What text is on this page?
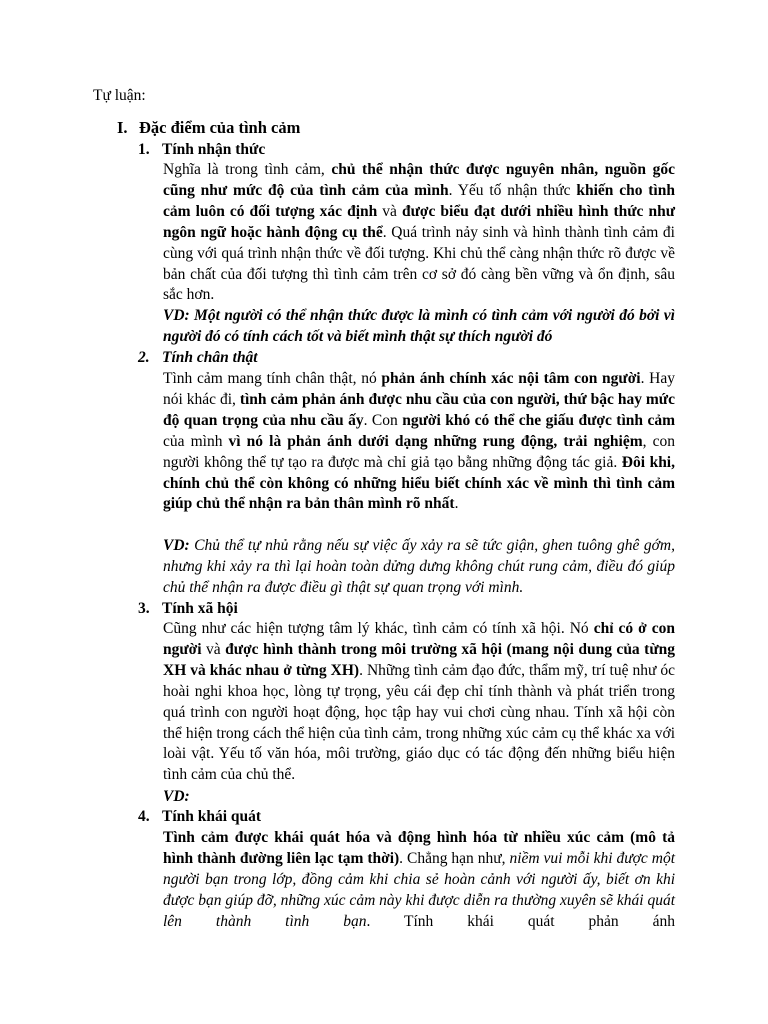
Tự luận:
I. Đặc điểm của tình cảm
1. Tính nhận thức

Nghĩa là trong tình cảm, chủ thể nhận thức được nguyên nhân, nguồn gốc cũng như mức độ của tình cảm của mình. Yếu tố nhận thức khiến cho tình cảm luôn có đối tượng xác định và được biểu đạt dưới nhiều hình thức như ngôn ngữ hoặc hành động cụ thể. Quá trình nảy sinh và hình thành tình cảm đi cùng với quá trình nhận thức về đối tượng. Khi chủ thể càng nhận thức rõ được về bản chất của đối tượng thì tình cảm trên cơ sở đó càng bền vững và ổn định, sâu sắc hơn.

VD: Một người có thể nhận thức được là mình có tình cảm với người đó bởi vì người đó có tính cách tốt và biết mình thật sự thích người đó

2. Tính chân thật

Tình cảm mang tính chân thật, nó phản ánh chính xác nội tâm con người. Hay nói khác đi, tình cảm phản ánh được nhu cầu của con người, thứ bậc hay mức độ quan trọng của nhu cầu ấy. Con người khó có thể che giấu được tình cảm của mình vì nó là phản ánh dưới dạng những rung động, trải nghiệm, con người không thể tự tạo ra được mà chỉ giả tạo bằng những động tác giả. Đôi khi, chính chủ thể còn không có những hiểu biết chính xác về mình thì tình cảm giúp chủ thể nhận ra bản thân mình rõ nhất.

VD: Chủ thể tự nhủ rằng nếu sự việc ấy xảy ra sẽ tức giận, ghen tuông ghê gớm, nhưng khi xảy ra thì lại hoàn toàn dửng dưng không chút rung cảm, điều đó giúp chủ thể nhận ra được điều gì thật sự quan trọng với mình.

3. Tính xã hội

Cũng như các hiện tượng tâm lý khác, tình cảm có tính xã hội. Nó chỉ có ở con người và được hình thành trong môi trường xã hội (mang nội dung của từng XH và khác nhau ở từng XH). Những tình cảm đạo đức, thẩm mỹ, trí tuệ như óc hoài nghi khoa học, lòng tự trọng, yêu cái đẹp chỉ tính thành và phát triển trong quá trình con người hoạt động, học tập hay vui chơi cùng nhau. Tính xã hội còn thể hiện trong cách thể hiện của tình cảm, trong những xúc cảm cụ thể khác xa với loài vật. Yếu tố văn hóa, môi trường, giáo dục có tác động đến những biểu hiện tình cảm của chủ thể.

VD:

4. Tính khái quát

Tình cảm được khái quát hóa và động hình hóa từ nhiều xúc cảm (mô tả hình thành đường liên lạc tạm thời). Chẳng hạn như, niềm vui mỗi khi được một người bạn trong lớp, đồng cảm khi chia sẻ hoàn cảnh với người ấy, biết ơn khi được bạn giúp đỡ, những xúc cảm này khi được diễn ra thường xuyên sẽ khái quát lên thành tình bạn. Tính khái quát phản ánh
